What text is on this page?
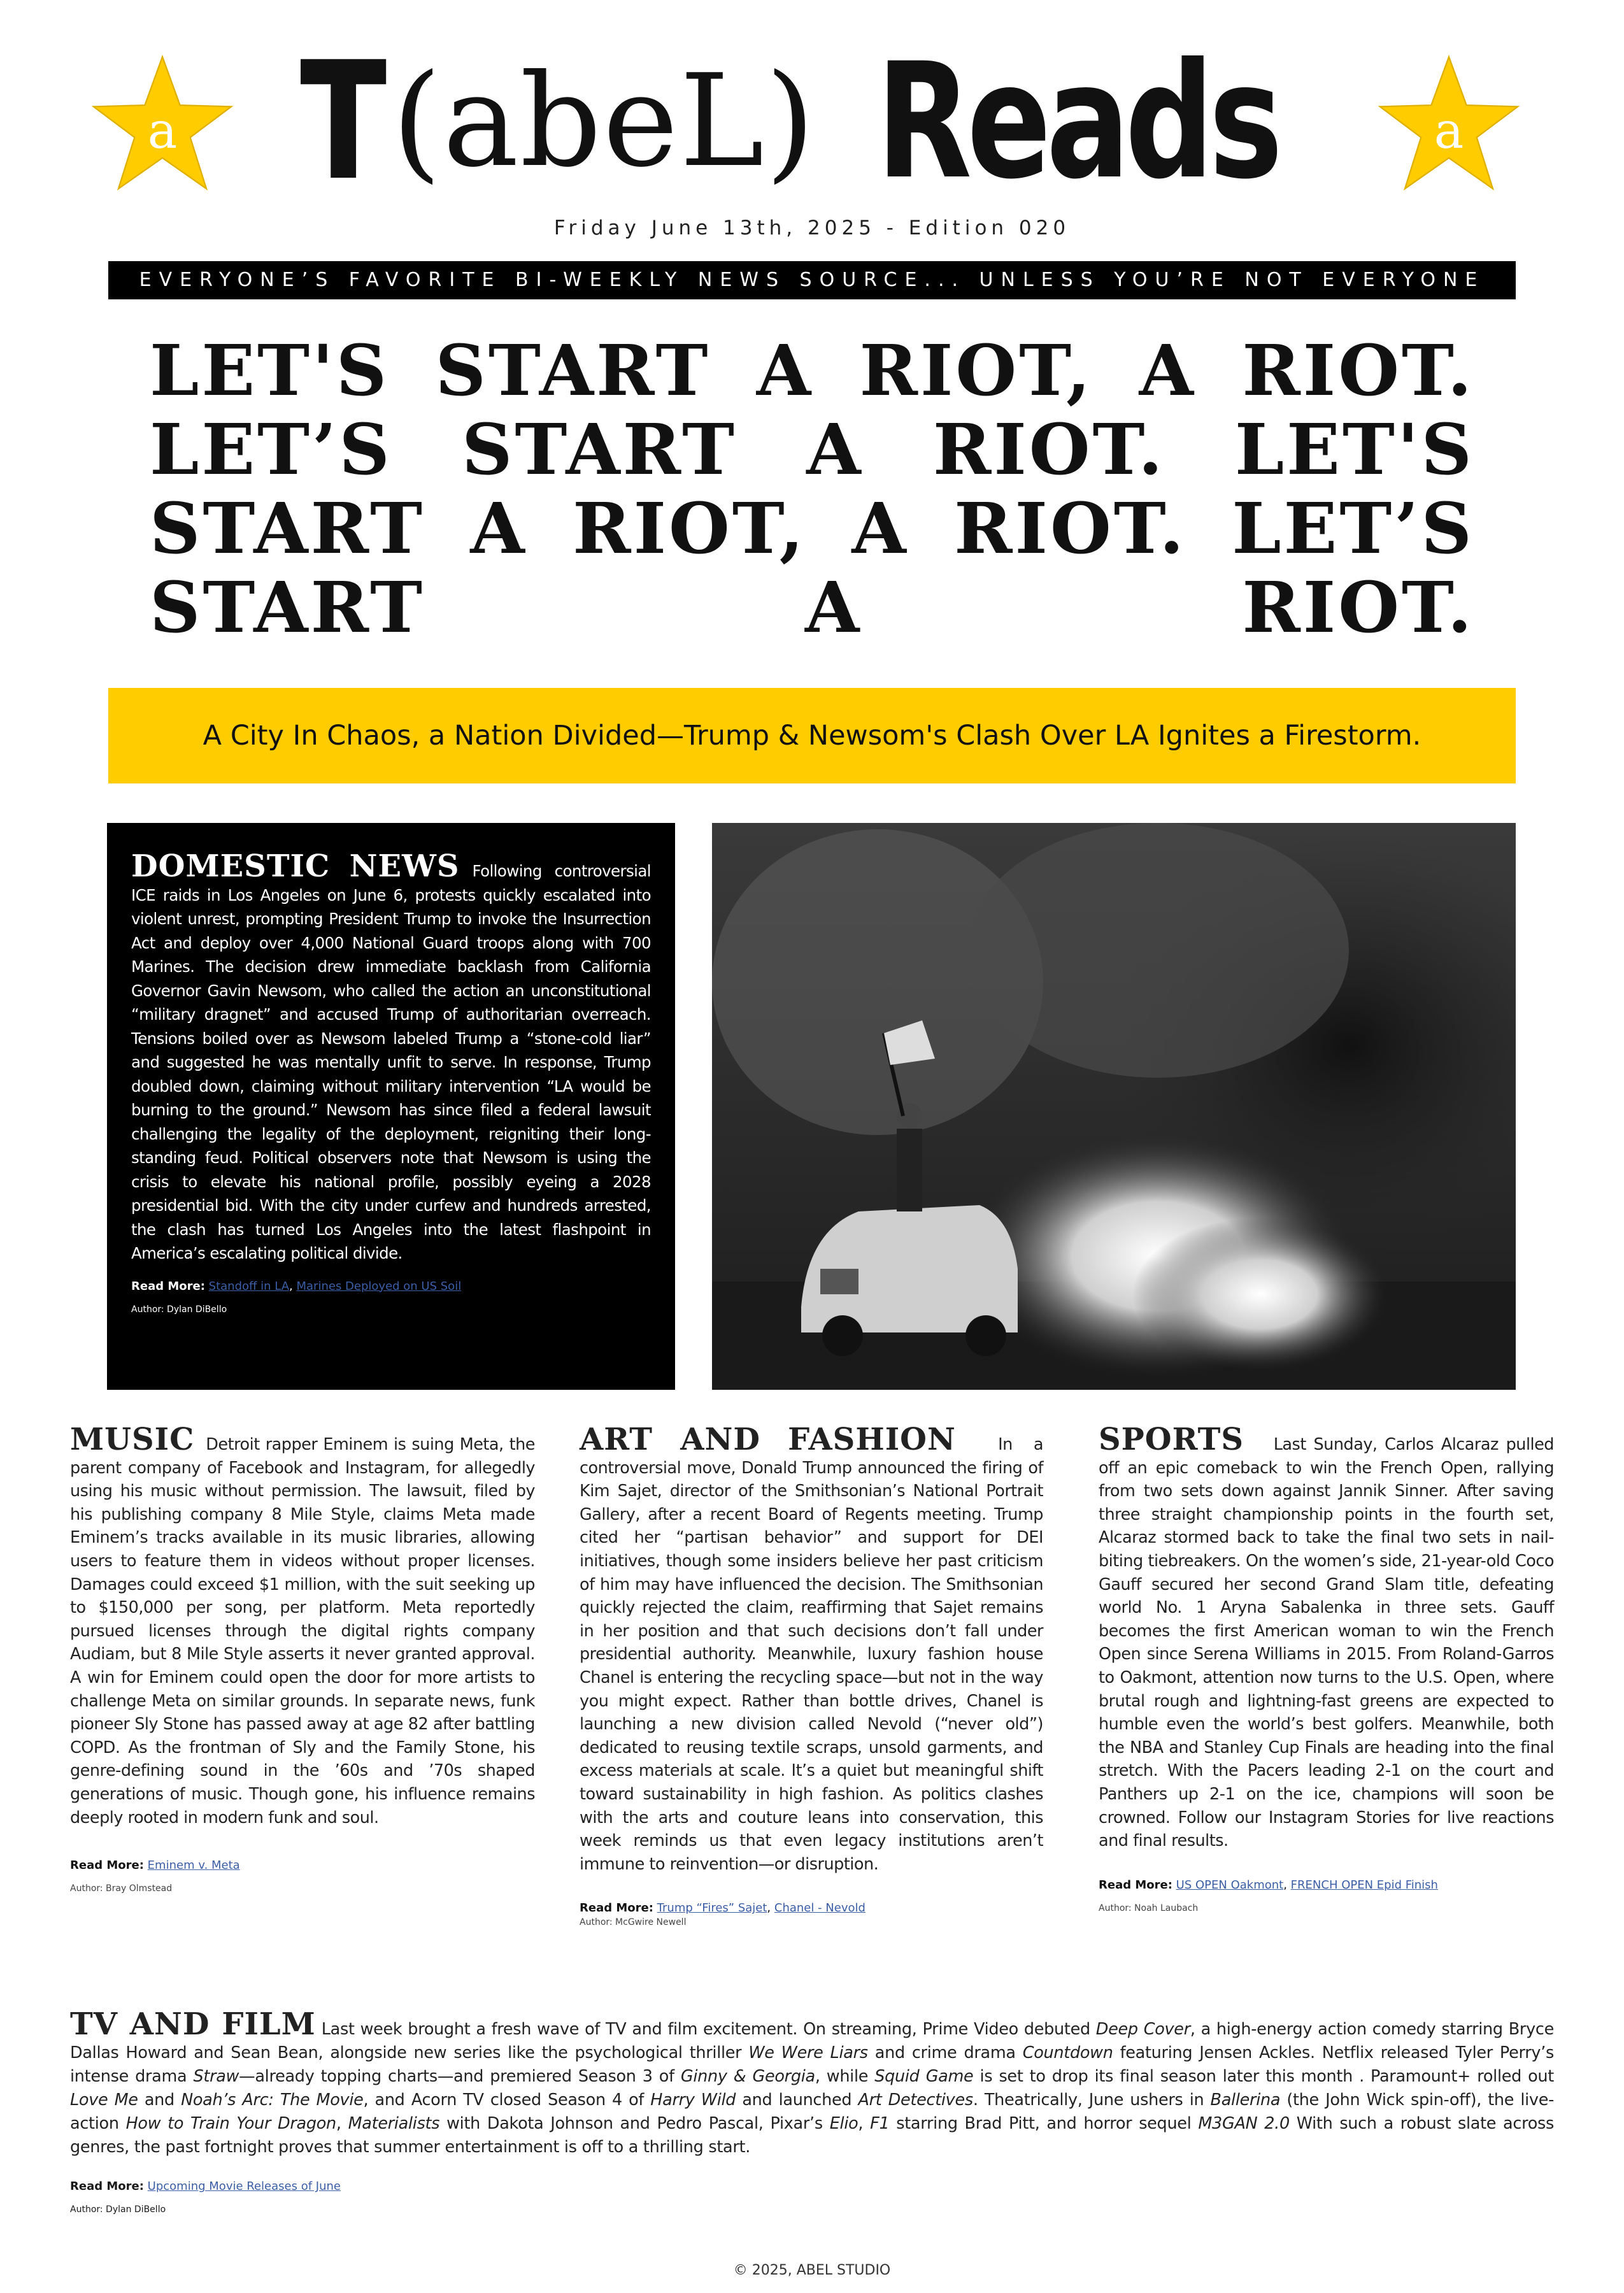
a	a
T(abeL) Reads
Friday June 13th, 2025 - Edition 020
EVERYONE’S FAVORITE BI-WEEKLY NEWS SOURCE... UNLESS YOU’RE NOT EVERYONE
LET'S START A RIOT, A RIOT. LET’S START A RIOT. LET'S START A RIOT, A RIOT. LET’S START A RIOT.
A City In Chaos, a Nation Divided—Trump & Newsom's Clash Over LA Ignites a Firestorm.
DOMESTIC NEWS Following controversial ICE raids in Los Angeles on June 6, protests quickly escalated into violent unrest, prompting President Trump to invoke the Insurrection Act and deploy over 4,000 National Guard troops along with 700 Marines. The decision drew immediate backlash from California Governor Gavin Newsom, who called the action an unconstitutional “military dragnet” and accused Trump of authoritarian overreach. Tensions boiled over as Newsom labeled Trump a “stone-cold liar” and suggested he was mentally unfit to serve. In response, Trump doubled down, claiming without military intervention “LA would be burning to the ground.” Newsom has since filed a federal lawsuit challenging the legality of the deployment, reigniting their long-standing feud. Political observers note that Newsom is using the crisis to elevate his national profile, possibly eyeing a 2028 presidential bid. With the city under curfew and hundreds arrested, the clash has turned Los Angeles into the latest flashpoint in America’s escalating political divide.
Read More: Standoff in LA, Marines Deployed on US Soil
Author: Dylan DiBello
MUSIC Detroit rapper Eminem is suing Meta, the parent company of Facebook and Instagram, for allegedly using his music without permission. The lawsuit, filed by his publishing company 8 Mile Style, claims Meta made Eminem’s tracks available in its music libraries, allowing users to feature them in videos without proper licenses. Damages could exceed $1 million, with the suit seeking up to $150,000 per song, per platform. Meta reportedly pursued licenses through the digital rights company Audiam, but 8 Mile Style asserts it never granted approval. A win for Eminem could open the door for more artists to challenge Meta on similar grounds. In separate news, funk pioneer Sly Stone has passed away at age 82 after battling COPD. As the frontman of Sly and the Family Stone, his genre-defining sound in the ’60s and ’70s shaped generations of music. Though gone, his influence remains deeply rooted in modern funk and soul.
Read More: Eminem v. Meta
Author: Bray Olmstead
ART AND FASHION	In a controversial move, Donald Trump announced the firing of Kim Sajet, director of the Smithsonian’s National Portrait Gallery, after a recent Board of Regents meeting. Trump cited her “partisan behavior” and support for DEI initiatives, though some insiders believe her past criticism of him may have influenced the decision. The Smithsonian quickly rejected the claim, reaffirming that Sajet remains in her position and that such decisions don’t fall under presidential authority. Meanwhile, luxury fashion house Chanel is entering the recycling space—but not in the way you might expect. Rather than bottle drives, Chanel is launching a new division called Nevold (“never old”) dedicated to reusing textile scraps, unsold garments, and excess materials at scale. It’s a quiet but meaningful shift toward sustainability in high fashion. As politics clashes with the arts and couture leans into conservation, this week reminds us that even legacy institutions aren’t immune to reinvention—or disruption.
Read More: Trump “Fires” Sajet, Chanel - Nevold
Author: McGwire Newell
SPORTS Last Sunday, Carlos Alcaraz pulled off an epic comeback to win the French Open, rallying from two sets down against Jannik Sinner. After saving three straight championship points in the fourth set, Alcaraz stormed back to take the final two sets in nail-biting tiebreakers. On the women’s side, 21-year-old Coco Gauff secured her second Grand Slam title, defeating world No. 1 Aryna Sabalenka in three sets. Gauff becomes the first American woman to win the French Open since Serena Williams in 2015. From Roland-Garros to Oakmont, attention now turns to the U.S. Open, where brutal rough and lightning-fast greens are expected to humble even the world’s best golfers. Meanwhile, both the NBA and Stanley Cup Finals are heading into the final stretch. With the Pacers leading 2-1 on the court and Panthers up 2-1 on the ice, champions will soon be crowned. Follow our Instagram Stories for live reactions and final results.
Read More: US OPEN Oakmont, FRENCH OPEN Epid Finish
Author: Noah Laubach
TV AND FILM Last week brought a fresh wave of TV and film excitement. On streaming, Prime Video debuted Deep Cover, a high-energy action comedy starring Bryce Dallas Howard and Sean Bean, alongside new series like the psychological thriller We Were Liars and crime drama Countdown featuring Jensen Ackles. Netflix released Tyler Perry’s intense drama Straw—already topping charts—and premiered Season 3 of Ginny & Georgia, while Squid Game is set to drop its final season later this month . Paramount+ rolled out Love Me and Noah’s Arc: The Movie, and Acorn TV closed Season 4 of Harry Wild and launched Art Detectives. Theatrically, June ushers in Ballerina (the John Wick spin-off), the live-action How to Train Your Dragon, Materialists with Dakota Johnson and Pedro Pascal, Pixar’s Elio, F1 starring Brad Pitt, and horror sequel M3GAN 2.0 With such a robust slate across genres, the past fortnight proves that summer entertainment is off to a thrilling start.
Read More: Upcoming Movie Releases of June
Author: Dylan DiBello
© 2025, ABEL STUDIO
